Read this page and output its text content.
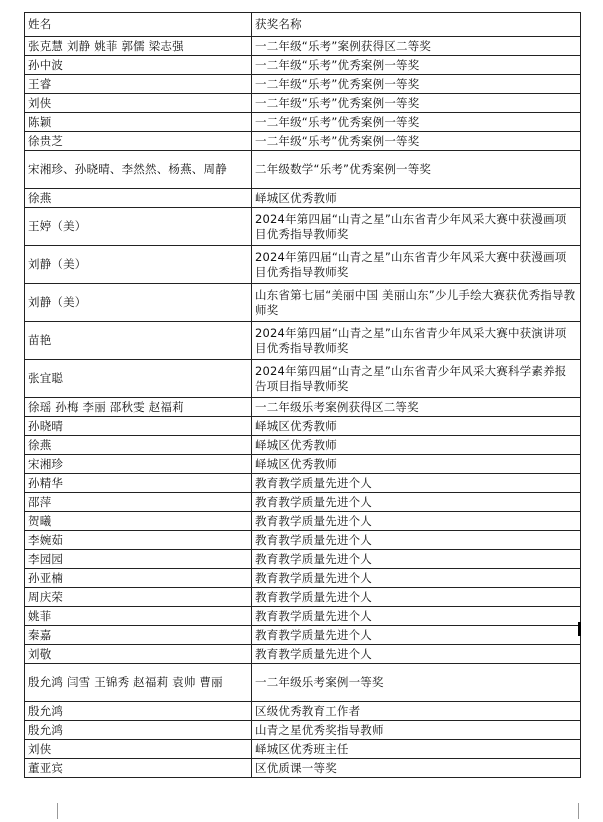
姓名	获奖名称
张克慧 刘静 姚菲 郭儒 梁志强	一二年级“乐考”案例获得区二等奖
孙中波	一二年级“乐考”优秀案例一等奖
王睿	一二年级“乐考”优秀案例一等奖
刘侠	一二年级“乐考”优秀案例一等奖
陈颖	一二年级“乐考”优秀案例一等奖
徐贵芝	一二年级“乐考”优秀案例一等奖
宋湘珍、孙晓晴、李然然、杨燕、周静	二年级数学“乐考”优秀案例一等奖
徐燕	峄城区优秀教师
王婷（美）	2024年第四届“山青之星”山东省青少年风采大赛中获漫画项目优秀指导教师奖
刘静（美）	2024年第四届“山青之星”山东省青少年风采大赛中获漫画项目优秀指导教师奖
刘静（美）	山东省第七届“美丽中国 美丽山东”少儿手绘大赛获优秀指导教师奖
苗艳	2024年第四届“山青之星”山东省青少年风采大赛中获演讲项目优秀指导教师奖
张宜聪	2024年第四届“山青之星”山东省青少年风采大赛科学素养报告项目指导教师奖
徐瑶 孙梅 李丽 邵秋雯 赵福莉	一二年级乐考案例获得区二等奖
孙晓晴	峄城区优秀教师
徐燕	峄城区优秀教师
宋湘珍	峄城区优秀教师
孙精华	教育教学质量先进个人
邵萍	教育教学质量先进个人
贺曦	教育教学质量先进个人
李婉茹	教育教学质量先进个人
李园园	教育教学质量先进个人
孙亚楠	教育教学质量先进个人
周庆荣	教育教学质量先进个人
姚菲	教育教学质量先进个人
秦嘉	教育教学质量先进个人
刘敬	教育教学质量先进个人
殷允鸿 闫雪 王锦秀 赵福莉 袁帅 曹丽	一二年级乐考案例一等奖
殷允鸿	区级优秀教育工作者
殷允鸿	山青之星优秀奖指导教师
刘侠	峄城区优秀班主任
董亚宾	区优质课一等奖
